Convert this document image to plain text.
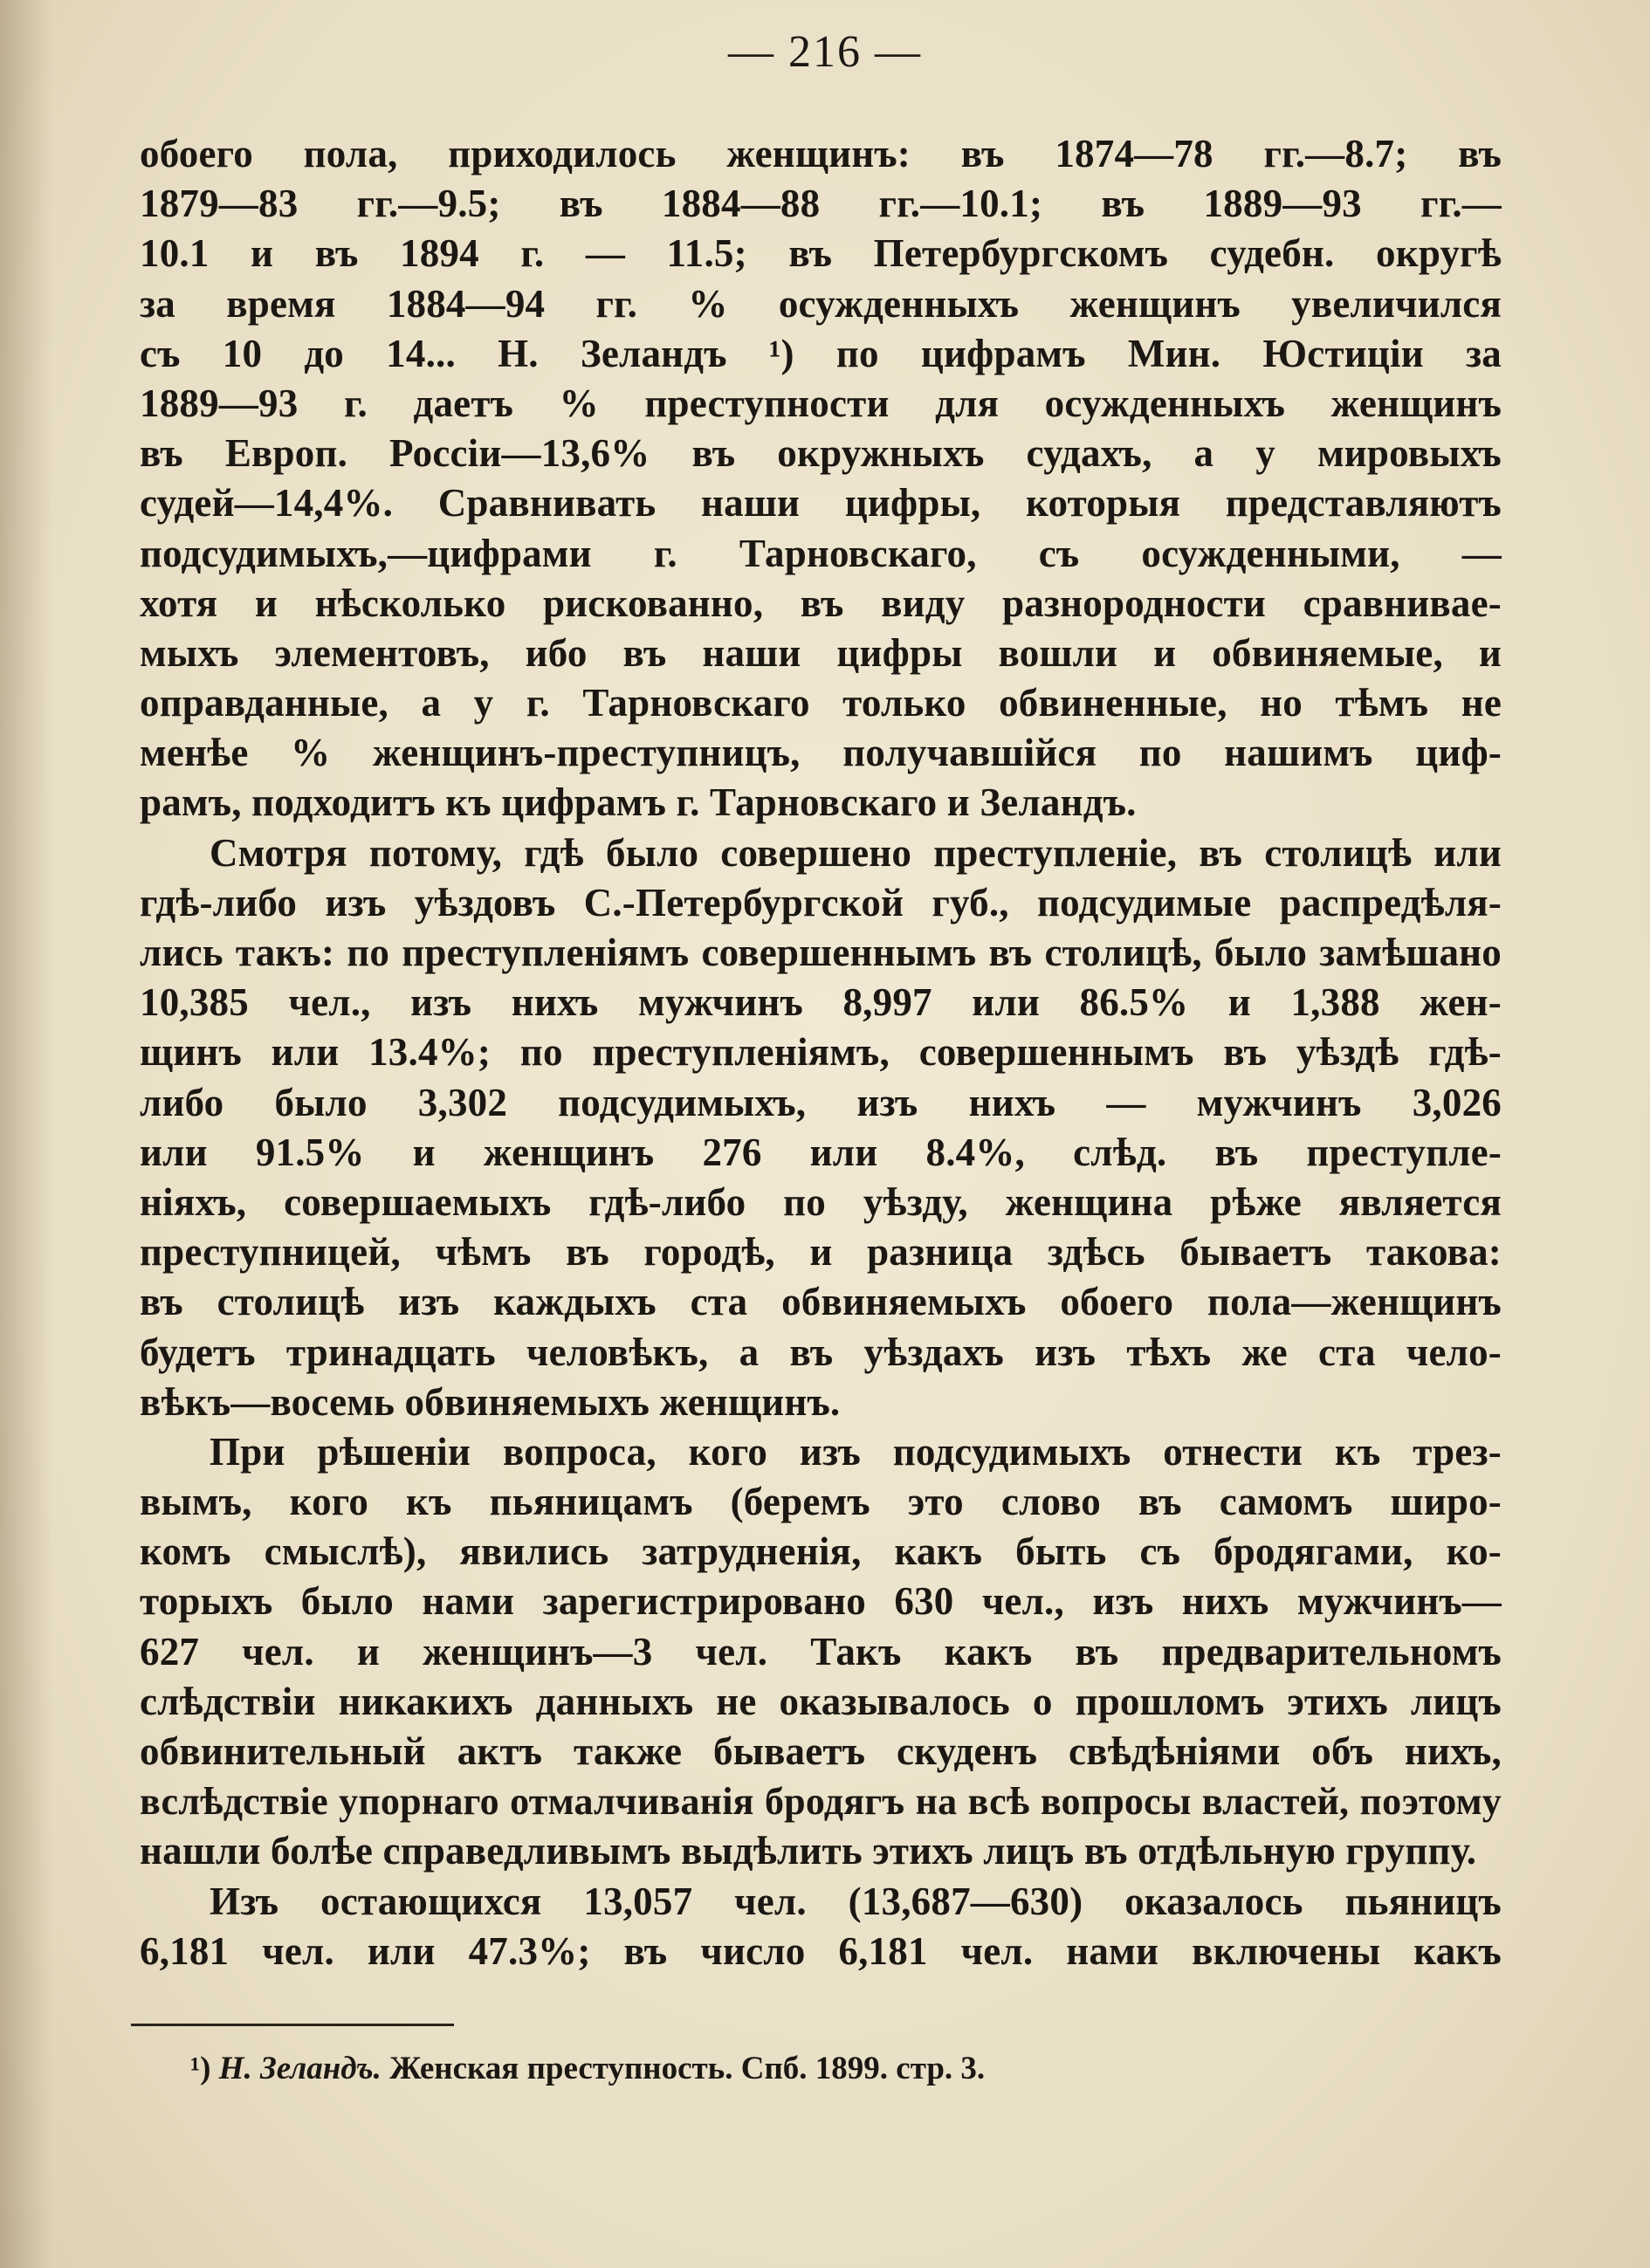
— 216 —
обоего пола, приходилось женщинъ: въ 1874—78 гг.—8.7; въ
1879—83 гг.—9.5; въ 1884—88 гг.—10.1; въ 1889—93 гг.—
10.1 и въ 1894 г. — 11.5; въ Петербургскомъ судебн. округѣ
за время 1884—94 гг. % осужденныхъ женщинъ увеличился
съ 10 до 14... Н. Зеландъ ¹) по цифрамъ Мин. Юстиціи за
1889—93 г. даетъ % преступности для осужденныхъ женщинъ
въ Европ. Россіи—13,6% въ окружныхъ судахъ, а у мировыхъ
судей—14,4%. Сравнивать наши цифры, которыя представляютъ
подсудимыхъ,—цифрами г. Тарновскаго, съ осужденными, —
хотя и нѣсколько рискованно, въ виду разнородности сравнивае-
мыхъ элементовъ, ибо въ наши цифры вошли и обвиняемые, и
оправданные, а у г. Тарновскаго только обвиненные, но тѣмъ не
менѣе % женщинъ-преступницъ, получавшійся по нашимъ циф-
рамъ, подходитъ къ цифрамъ г. Тарновскаго и Зеландъ.
Смотря потому, гдѣ было совершено преступленіе, въ столицѣ или
гдѣ-либо изъ уѣздовъ С.-Петербургской губ., подсудимые распредѣля-
лись такъ: по преступленіямъ совершеннымъ въ столицѣ, было замѣшано
10,385 чел., изъ нихъ мужчинъ 8,997 или 86.5% и 1,388 жен-
щинъ или 13.4%; по преступленіямъ, совершеннымъ въ уѣздѣ гдѣ-
либо было 3,302 подсудимыхъ, изъ нихъ — мужчинъ 3,026
или 91.5% и женщинъ 276 или 8.4%, слѣд. въ преступле-
ніяхъ, совершаемыхъ гдѣ-либо по уѣзду, женщина рѣже является
преступницей, чѣмъ въ городѣ, и разница здѣсь бываетъ такова:
въ столицѣ изъ каждыхъ ста обвиняемыхъ обоего пола—женщинъ
будетъ тринадцать человѣкъ, а въ уѣздахъ изъ тѣхъ же ста чело-
вѣкъ—восемь обвиняемыхъ женщинъ.
При рѣшеніи вопроса, кого изъ подсудимыхъ отнести къ трез-
вымъ, кого къ пьяницамъ (беремъ это слово въ самомъ широ-
комъ смыслѣ), явились затрудненія, какъ быть съ бродягами, ко-
торыхъ было нами зарегистрировано 630 чел., изъ нихъ мужчинъ—
627 чел. и женщинъ—3 чел. Такъ какъ въ предварительномъ
слѣдствіи никакихъ данныхъ не оказывалось о прошломъ этихъ лицъ
обвинительный актъ также бываетъ скуденъ свѣдѣніями объ нихъ,
вслѣдствіе упорнаго отмалчиванія бродягъ на всѣ вопросы властей, поэтому
нашли болѣе справедливымъ выдѣлить этихъ лицъ въ отдѣльную группу.
Изъ остающихся 13,057 чел. (13,687—630) оказалось пьяницъ
6,181 чел. или 47.3%; въ число 6,181 чел. нами включены какъ
¹) Н. Зеландъ. Женская преступность. Спб. 1899. стр. 3.
